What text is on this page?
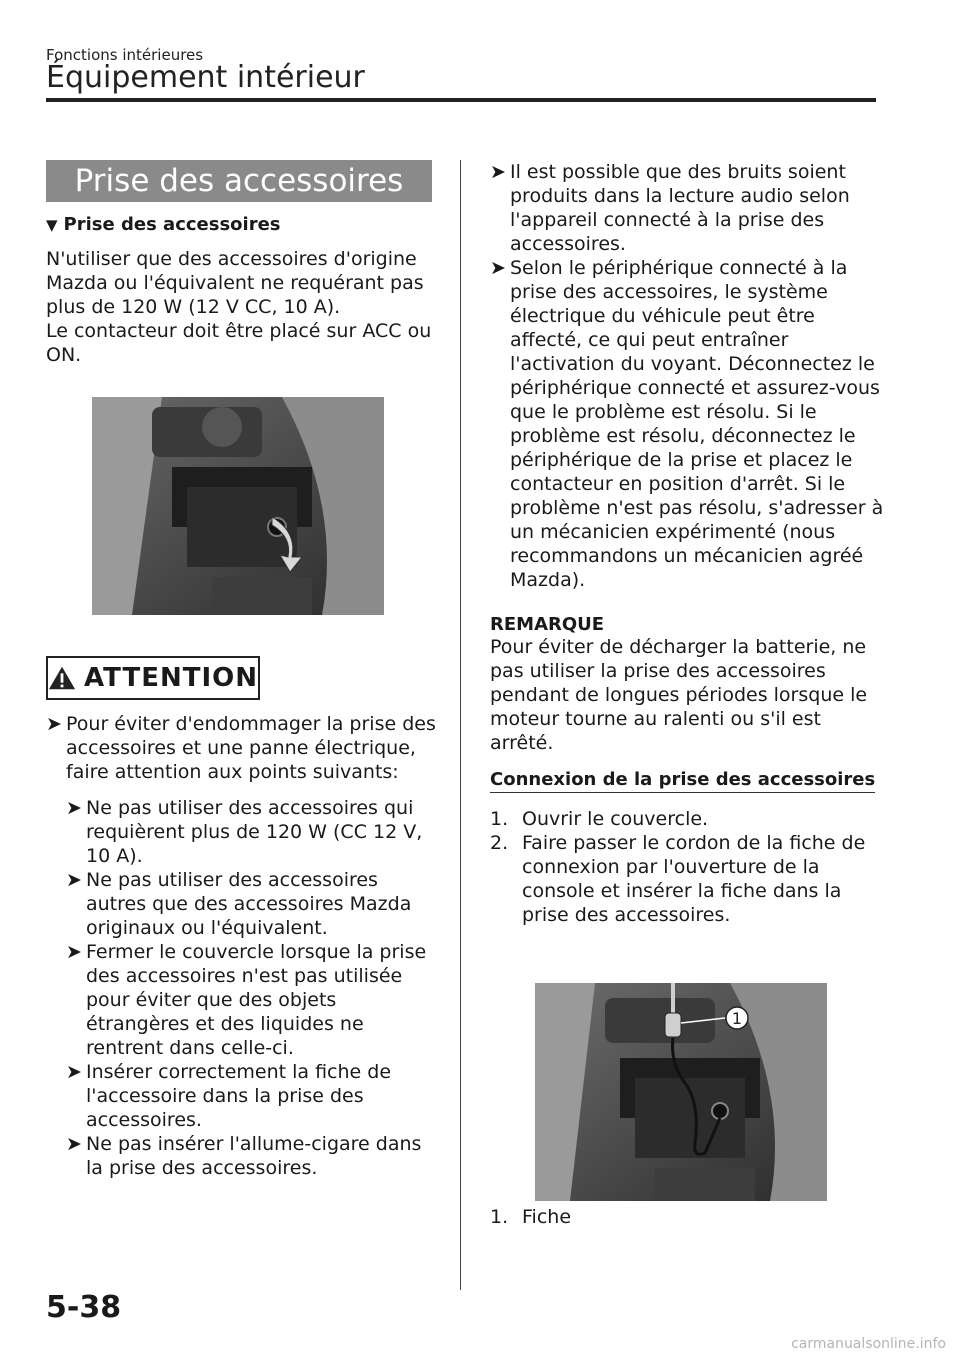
Fonctions intérieures
Équipement intérieur
Prise des accessoires
▼ Prise des accessoires

N'utiliser que des accessoires d'origine Mazda ou l'équivalent ne requérant pas plus de 120 W (12 V CC, 10 A).

Le contacteur doit être placé sur ACC ou ON.

ATTENTION
➤ Pour éviter d'endommager la prise des accessoires et une panne électrique, faire attention aux points suivants:
➤ Ne pas utiliser des accessoires qui requièrent plus de 120 W (CC 12 V, 10 A).
➤ Ne pas utiliser des accessoires autres que des accessoires Mazda originaux ou l'équivalent.
➤ Fermer le couvercle lorsque la prise des accessoires n'est pas utilisée pour éviter que des objets étrangères et des liquides ne rentrent dans celle-ci.
➤ Insérer correctement la fiche de l'accessoire dans la prise des accessoires.
➤ Ne pas insérer l'allume-cigare dans la prise des accessoires.
➤ Il est possible que des bruits soient produits dans la lecture audio selon l'appareil connecté à la prise des accessoires.
➤ Selon le périphérique connecté à la prise des accessoires, le système électrique du véhicule peut être affecté, ce qui peut entraîner l'activation du voyant. Déconnectez le périphérique connecté et assurez-vous que le problème est résolu. Si le problème est résolu, déconnectez le périphérique de la prise et placez le contacteur en position d'arrêt. Si le problème n'est pas résolu, s'adresser à un mécanicien expérimenté (nous recommandons un mécanicien agréé Mazda).
REMARQUE
Pour éviter de décharger la batterie, ne pas utiliser la prise des accessoires pendant de longues périodes lorsque le moteur tourne au ralenti ou s'il est arrêté.
Connexion de la prise des accessoires
1. Ouvrir le couvercle.
2. Faire passer le cordon de la fiche de connexion par l'ouverture de la console et insérer la fiche dans la prise des accessoires.
1
1. Fiche
5-38
carmanualsonline.info
